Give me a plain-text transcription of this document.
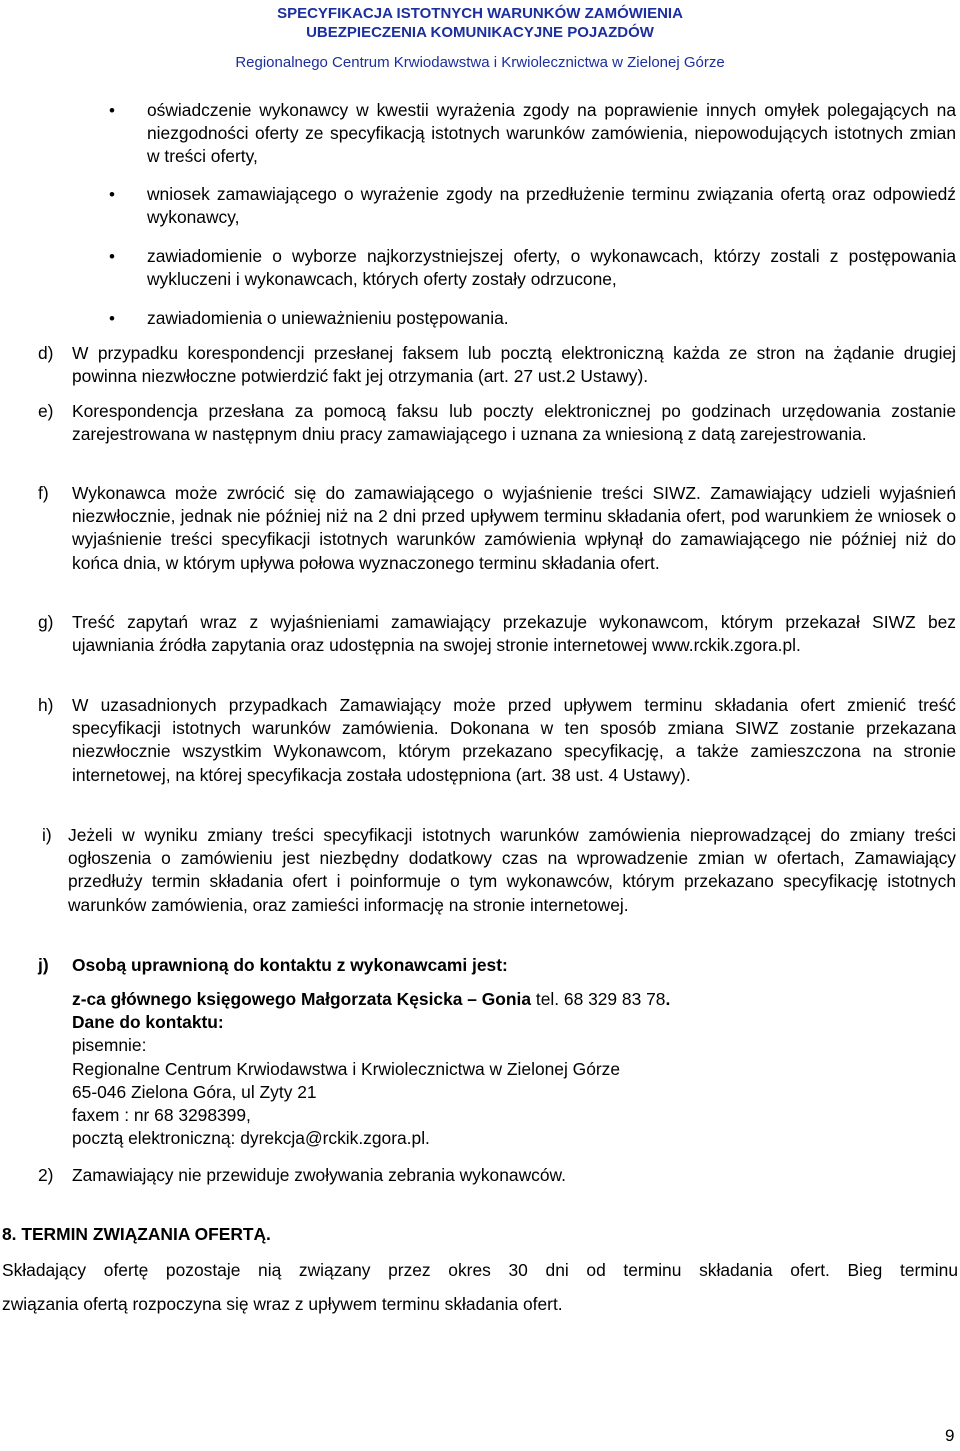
SPECYFIKACJA ISTOTNYCH WARUNKÓW ZAMÓWIENIA
UBEZPIECZENIA KOMUNIKACYJNE POJAZDÓW
Regionalnego Centrum Krwiodawstwa i Krwiolecznictwa w Zielonej Górze
• oświadczenie wykonawcy w kwestii wyrażenia zgody na poprawienie innych omyłek polegających na niezgodności oferty ze specyfikacją istotnych warunków zamówienia, niepowodujących istotnych zmian w treści oferty,

• wniosek zamawiającego o wyrażenie zgody na przedłużenie terminu związania ofertą oraz odpowiedź wykonawcy,

• zawiadomienie o wyborze najkorzystniejszej oferty, o wykonawcach, którzy zostali z postępowania wykluczeni i wykonawcach, których oferty zostały odrzucone,

• zawiadomienia o unieważnieniu postępowania.

d) W przypadku korespondencji przesłanej faksem lub pocztą elektroniczną każda ze stron na żądanie drugiej powinna niezwłoczne potwierdzić fakt jej otrzymania (art. 27 ust.2 Ustawy).

e) Korespondencja przesłana za pomocą faksu lub poczty elektronicznej po godzinach urzędowania zostanie zarejestrowana w następnym dniu pracy zamawiającego i uznana za wniesioną z datą zarejestrowania.

f) Wykonawca może zwrócić się do zamawiającego o wyjaśnienie treści SIWZ. Zamawiający udzieli wyjaśnień niezwłocznie, jednak nie później niż na 2 dni przed upływem terminu składania ofert, pod warunkiem że wniosek o wyjaśnienie treści specyfikacji istotnych warunków zamówienia wpłynął do zamawiającego nie później niż do końca dnia, w którym upływa połowa wyznaczonego terminu składania ofert.

g) Treść zapytań wraz z wyjaśnieniami zamawiający przekazuje wykonawcom, którym przekazał SIWZ bez ujawniania źródła zapytania oraz udostępnia na swojej stronie internetowej www.rckik.zgora.pl.

h) W uzasadnionych przypadkach Zamawiający może przed upływem terminu składania ofert zmienić treść specyfikacji istotnych warunków zamówienia. Dokonana w ten sposób zmiana SIWZ zostanie przekazana niezwłocznie wszystkim Wykonawcom, którym przekazano specyfikację, a także zamieszczona na stronie internetowej, na której specyfikacja została udostępniona (art. 38 ust. 4 Ustawy).

i) Jeżeli w wyniku zmiany treści specyfikacji istotnych warunków zamówienia nieprowadzącej do zmiany treści ogłoszenia o zamówieniu jest niezbędny dodatkowy czas na wprowadzenie zmian w ofertach, Zamawiający przedłuży termin składania ofert i poinformuje o tym wykonawców, którym przekazano specyfikację istotnych warunków zamówienia, oraz zamieści informację na stronie internetowej.

j) Osobą uprawnioną do kontaktu z wykonawcami jest:

z-ca głównego księgowego Małgorzata Kęsicka – Gonia tel. 68 329 83 78.
Dane do kontaktu:
pisemnie:
Regionalne Centrum Krwiodawstwa i Krwiolecznictwa w Zielonej Górze
65-046 Zielona Góra, ul Zyty 21
faxem : nr 68 3298399,
pocztą elektroniczną: dyrekcja@rckik.zgora.pl.
2) Zamawiający nie przewiduje zwoływania zebrania wykonawców.

8. TERMIN ZWIĄZANIA OFERTĄ.
Składający ofertę pozostaje nią związany przez okres 30 dni od terminu składania ofert. Bieg terminu
związania ofertą rozpoczyna się wraz z upływem terminu składania ofert.
9
